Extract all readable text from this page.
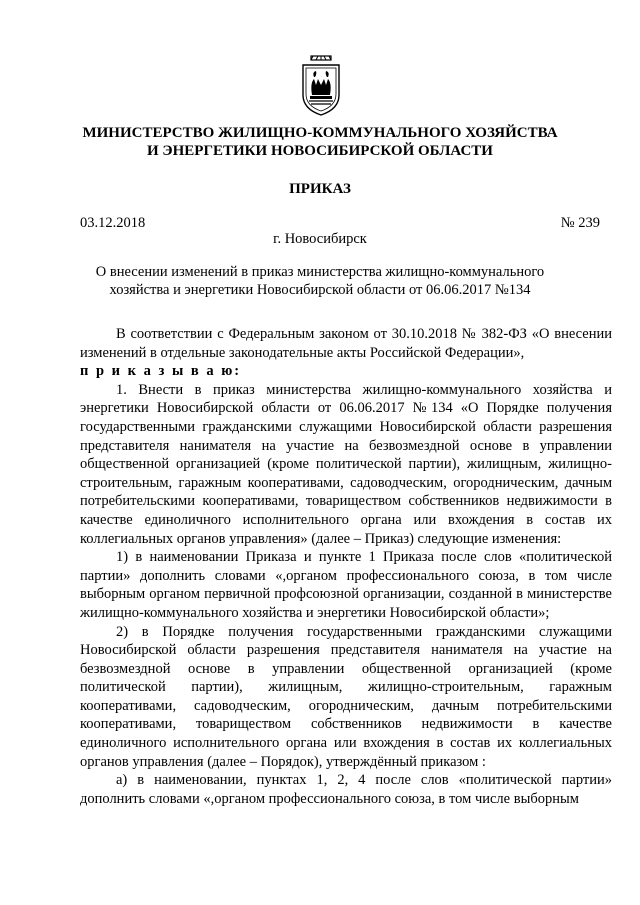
МИНИСТЕРСТВО ЖИЛИЩНО-КОММУНАЛЬНОГО ХОЗЯЙСТВА
И ЭНЕРГЕТИКИ НОВОСИБИРСКОЙ ОБЛАСТИ
ПРИКАЗ
03.12.2018	№ 239
г. Новосибирск
О внесении изменений в приказ министерства жилищно-коммунального
хозяйства и энергетики Новосибирской области от 06.06.2017 №134

В соответствии с Федеральным законом от 30.10.2018 № 382-ФЗ «О внесении изменений в отдельные законодательные акты Российской Федерации»,
п р и к а з ы в а ю:

1. Внести в приказ министерства жилищно-коммунального хозяйства и энергетики Новосибирской области от 06.06.2017 №134 «О Порядке получения государственными гражданскими служащими Новосибирской области разрешения представителя нанимателя на участие на безвозмездной основе в управлении общественной организацией (кроме политической партии), жилищным, жилищно-строительным, гаражным кооперативами, садоводческим, огородническим, дачным потребительскими кооперативами, товариществом собственников недвижимости в качестве единоличного исполнительного органа или вхождения в состав их коллегиальных органов управления» (далее – Приказ) следующие изменения:

1) в наименовании Приказа и пункте 1 Приказа после слов «политической партии» дополнить словами «,органом профессионального союза, в том числе выборным органом первичной профсоюзной организации, созданной в министерстве жилищно-коммунального хозяйства и энергетики Новосибирской области»;

2) в Порядке получения государственными гражданскими служащими Новосибирской области разрешения представителя нанимателя на участие на безвозмездной основе в управлении общественной организацией (кроме политической партии), жилищным, жилищно-строительным, гаражным кооперативами, садоводческим, огородническим, дачным потребительскими кооперативами, товариществом собственников недвижимости в качестве единоличного исполнительного органа или вхождения в состав их коллегиальных органов управления (далее – Порядок), утверждённый приказом :

а) в наименовании, пунктах 1, 2, 4 после слов «политической партии» дополнить словами «,органом профессионального союза, в том числе выборным
